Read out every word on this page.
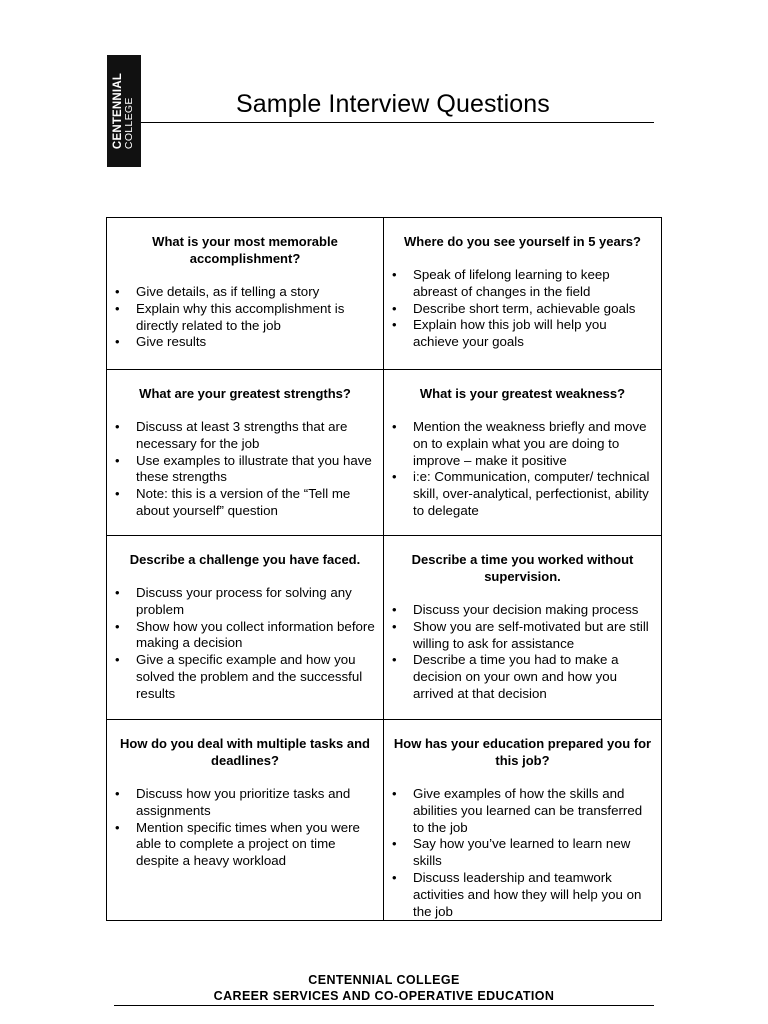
CENTENNIAL COLLEGE	Sample Interview Questions

What is your most memorable accomplishment?

• Give details, as if telling a story
• Explain why this accomplishment is directly related to the job
• Give results

Where do you see yourself in 5 years?

• Speak of lifelong learning to keep abreast of changes in the field
• Describe short term, achievable goals
• Explain how this job will help you achieve your goals

What are your greatest strengths?

• Discuss at least 3 strengths that are necessary for the job
• Use examples to illustrate that you have these strengths
• Note: this is a version of the “Tell me about yourself” question

What is your greatest weakness?

• Mention the weakness briefly and move on to explain what you are doing to improve – make it positive
• i:e: Communication, computer/ technical skill, over-analytical, perfectionist, ability to delegate

Describe a challenge you have faced.

• Discuss your process for solving any problem
• Show how you collect information before making a decision
• Give a specific example and how you solved the problem and the successful results

Describe a time you worked without supervision.

• Discuss your decision making process
• Show you are self-motivated but are still willing to ask for assistance
• Describe a time you had to make a decision on your own and how you arrived at that decision

How do you deal with multiple tasks and deadlines?

• Discuss how you prioritize tasks and assignments
• Mention specific times when you were able to complete a project on time despite a heavy workload

How has your education prepared you for this job?

• Give examples of how the skills and abilities you learned can be transferred to the job
• Say how you’ve learned to learn new skills
• Discuss leadership and teamwork activities and how they will help you on the job
CENTENNIAL COLLEGE
CAREER SERVICES AND CO-OPERATIVE EDUCATION
